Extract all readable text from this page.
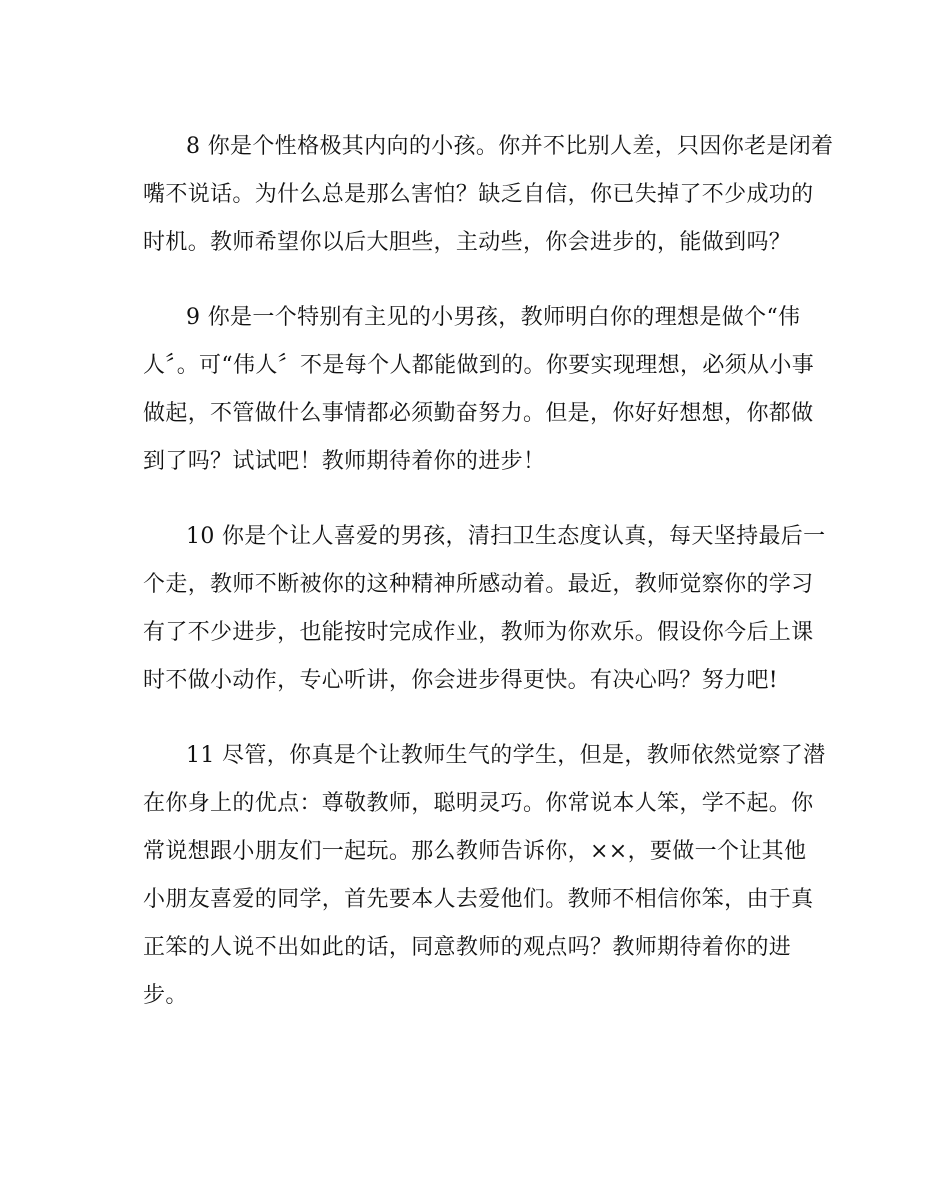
8 你是个性格极其内向的小孩。你并不比别人差，只因你老是闭着
嘴不说话。为什么总是那么害怕？缺乏自信，你已失掉了不少成功的
时机。教师希望你以后大胆些，主动些，你会进步的，能做到吗？
9 你是一个特别有主见的小男孩，教师明白你的理想是做个“伟
人〞。可“伟人〞不是每个人都能做到的。你要实现理想，必须从小事
做起，不管做什么事情都必须勤奋努力。但是，你好好想想，你都做
到了吗？试试吧！教师期待着你的进步！
10 你是个让人喜爱的男孩，清扫卫生态度认真，每天坚持最后一
个走，教师不断被你的这种精神所感动着。最近，教师觉察你的学习
有了不少进步，也能按时完成作业，教师为你欢乐。假设你今后上课
时不做小动作，专心听讲，你会进步得更快。有决心吗？努力吧!
11 尽管，你真是个让教师生气的学生，但是，教师依然觉察了潜
在你身上的优点：尊敬教师，聪明灵巧。你常说本人笨，学不起。你
常说想跟小朋友们一起玩。那么教师告诉你，××，要做一个让其他
小朋友喜爱的同学，首先要本人去爱他们。教师不相信你笨，由于真
正笨的人说不出如此的话，同意教师的观点吗？教师期待着你的进
步。
